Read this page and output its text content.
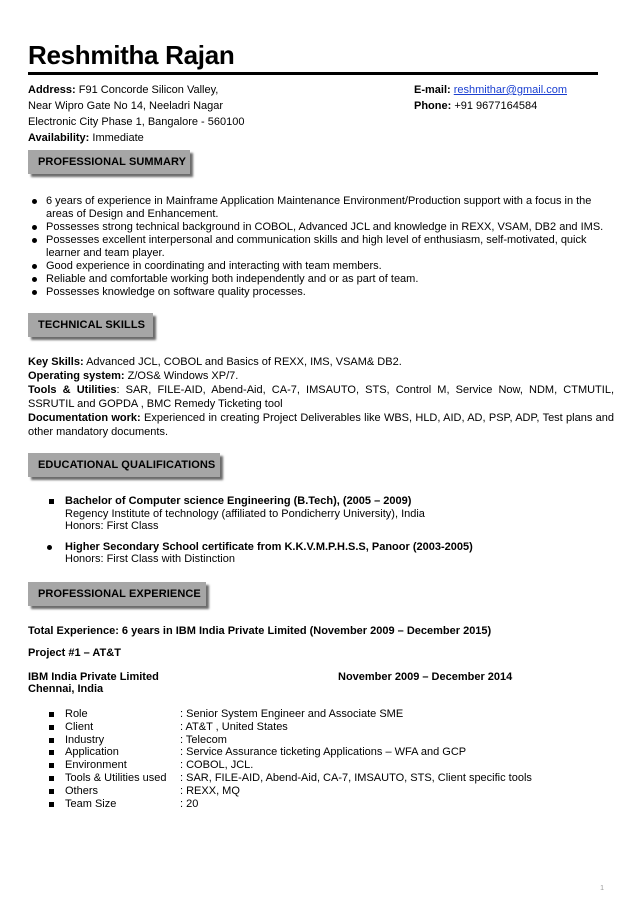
Reshmitha Rajan
Address: F91 Concorde Silicon Valley,
Near Wipro Gate No 14, Neeladri Nagar
Electronic City Phase 1, Bangalore - 560100
Availability: Immediate
E-mail: reshmithar@gmail.com
Phone: +91 9677164584
PROFESSIONAL SUMMARY
6 years of experience in Mainframe Application Maintenance Environment/Production support with a focus in the areas of Design and Enhancement.
Possesses strong technical background in COBOL, Advanced JCL and knowledge in REXX, VSAM, DB2 and IMS.
Possesses excellent interpersonal and communication skills and high level of enthusiasm, self-motivated, quick learner and team player.
Good experience in coordinating and interacting with team members.
Reliable and comfortable working both independently and or as part of team.
Possesses knowledge on software quality processes.
TECHNICAL SKILLS
Key Skills: Advanced JCL, COBOL and Basics of REXX, IMS, VSAM& DB2.
Operating system: Z/OS& Windows XP/7.
Tools & Utilities: SAR, FILE-AID, Abend-Aid, CA-7, IMSAUTO, STS, Control M, Service Now, NDM, CTMUTIL, SSRUTIL and GOPDA , BMC Remedy Ticketing tool
Documentation work: Experienced in creating Project Deliverables like WBS, HLD, AID, AD, PSP, ADP, Test plans and other mandatory documents.
EDUCATIONAL QUALIFICATIONS
Bachelor of Computer science Engineering (B.Tech), (2005 – 2009)
Regency Institute of technology (affiliated to Pondicherry University), India
Honors: First Class
Higher Secondary School certificate from K.K.V.M.P.H.S.S, Panoor (2003-2005)
Honors: First Class with Distinction
PROFESSIONAL EXPERIENCE
Total Experience: 6 years in IBM India Private Limited (November 2009 – December 2015)
Project #1 – AT&T
IBM India Private Limited	November 2009 – December 2014
Chennai, India
Role	: Senior System Engineer and Associate SME
Client	: AT&T , United States
Industry	: Telecom
Application	: Service Assurance ticketing Applications – WFA and GCP
Environment	: COBOL, JCL.
Tools & Utilities used : SAR, FILE-AID, Abend-Aid, CA-7, IMSAUTO, STS, Client specific tools
Others	: REXX, MQ
Team Size	: 20
1
